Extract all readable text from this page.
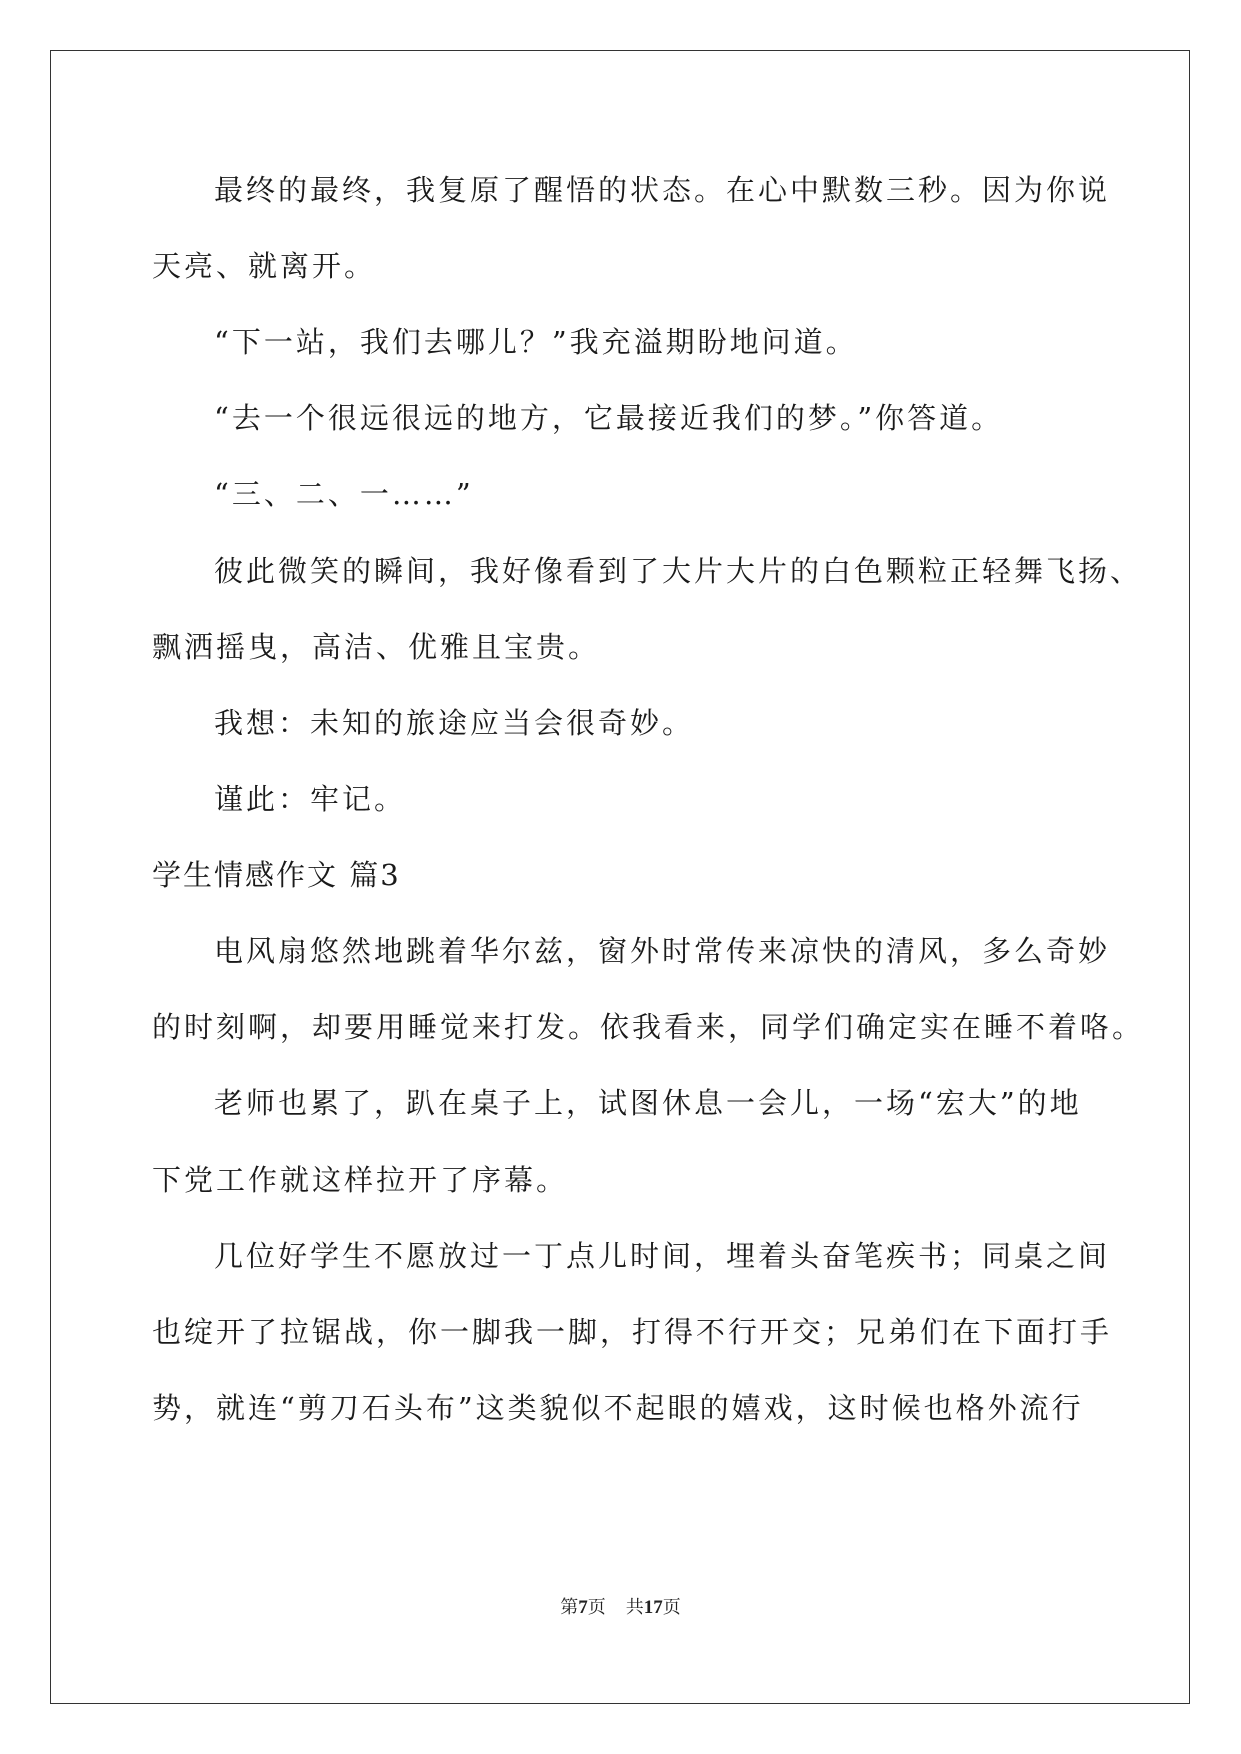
最终的最终，我复原了醒悟的状态。在心中默数三秒。因为你说
天亮、就离开。
“下一站，我们去哪儿？”我充溢期盼地问道。
“去一个很远很远的地方，它最接近我们的梦。”你答道。
“三、二、一……”
彼此微笑的瞬间，我好像看到了大片大片的白色颗粒正轻舞飞扬、
飘洒摇曳，高洁、优雅且宝贵。
我想：未知的旅途应当会很奇妙。
谨此：牢记。
学生情感作文 篇3
电风扇悠然地跳着华尔兹，窗外时常传来凉快的清风，多么奇妙
的时刻啊，却要用睡觉来打发。依我看来，同学们确定实在睡不着咯。
老师也累了，趴在桌子上，试图休息一会儿，一场“宏大”的地
下党工作就这样拉开了序幕。
几位好学生不愿放过一丁点儿时间，埋着头奋笔疾书；同桌之间
也绽开了拉锯战，你一脚我一脚，打得不行开交；兄弟们在下面打手
势，就连“剪刀石头布”这类貌似不起眼的嬉戏，这时候也格外流行
第7页 共17页
